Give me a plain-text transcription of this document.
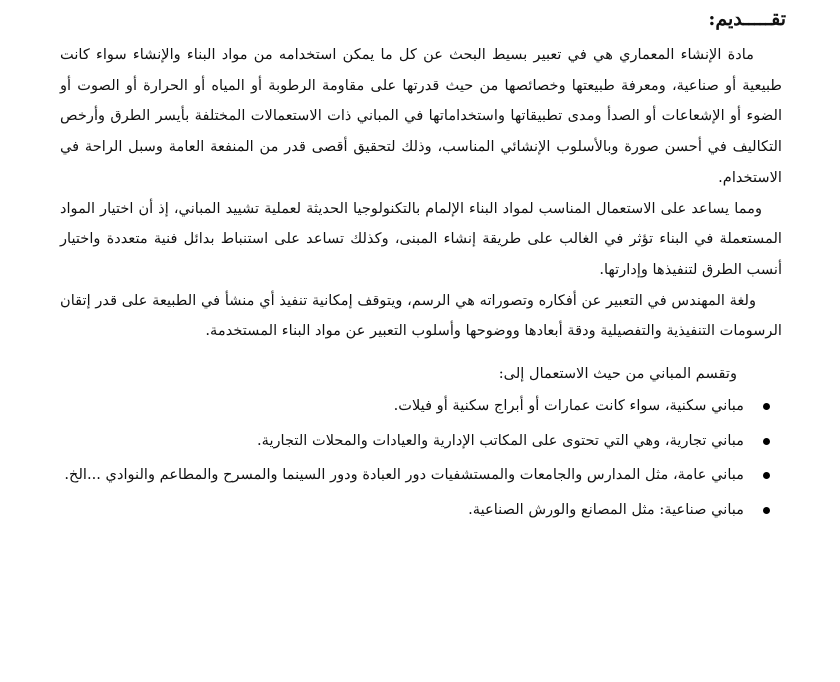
تقـــــديم:

مادة الإنشاء المعماري هي في تعبير بسيط البحث عن كل ما يمكن استخدامه من مواد البناء والإنشاء سواء كانت طبيعية أو صناعية، ومعرفة طبيعتها وخصائصها من حيث قدرتها على مقاومة الرطوبة أو المياه أو الحرارة أو الصوت أو الضوء أو الإشعاعات أو الصدأ ومدى تطبيقاتها واستخداماتها في المباني ذات الاستعمالات المختلفة بأيسر الطرق وأرخص التكاليف في أحسن صورة وبالأسلوب الإنشائي المناسب، وذلك لتحقيق أقصى قدر من المنفعة العامة وسبل الراحة في الاستخدام.

ومما يساعد على الاستعمال المناسب لمواد البناء الإلمام بالتكنولوجيا الحديثة لعملية تشييد المباني، إذ أن اختيار المواد المستعملة في البناء تؤثر في الغالب على طريقة إنشاء المبنى، وكذلك تساعد على استنباط بدائل فنية متعددة واختيار أنسب الطرق لتنفيذها وإدارتها.

ولغة المهندس في التعبير عن أفكاره وتصوراته هي الرسم، ويتوقف إمكانية تنفيذ أي منشأ في الطبيعة على قدر إتقان الرسومات التنفيذية والتفصيلية ودقة أبعادها ووضوحها وأسلوب التعبير عن مواد البناء المستخدمة.

وتقسم المباني من حيث الاستعمال إلى:

مباني سكنية، سواء كانت عمارات أو أبراج سكنية أو فيلات.
مباني تجارية، وهي التي تحتوى على المكاتب الإدارية والعيادات والمحلات التجارية.
مباني عامة، مثل المدارس والجامعات والمستشفيات دور العبادة ودور السينما والمسرح والمطاعم والنوادي ...الخ.
مباني صناعية: مثل المصانع والورش الصناعية.
